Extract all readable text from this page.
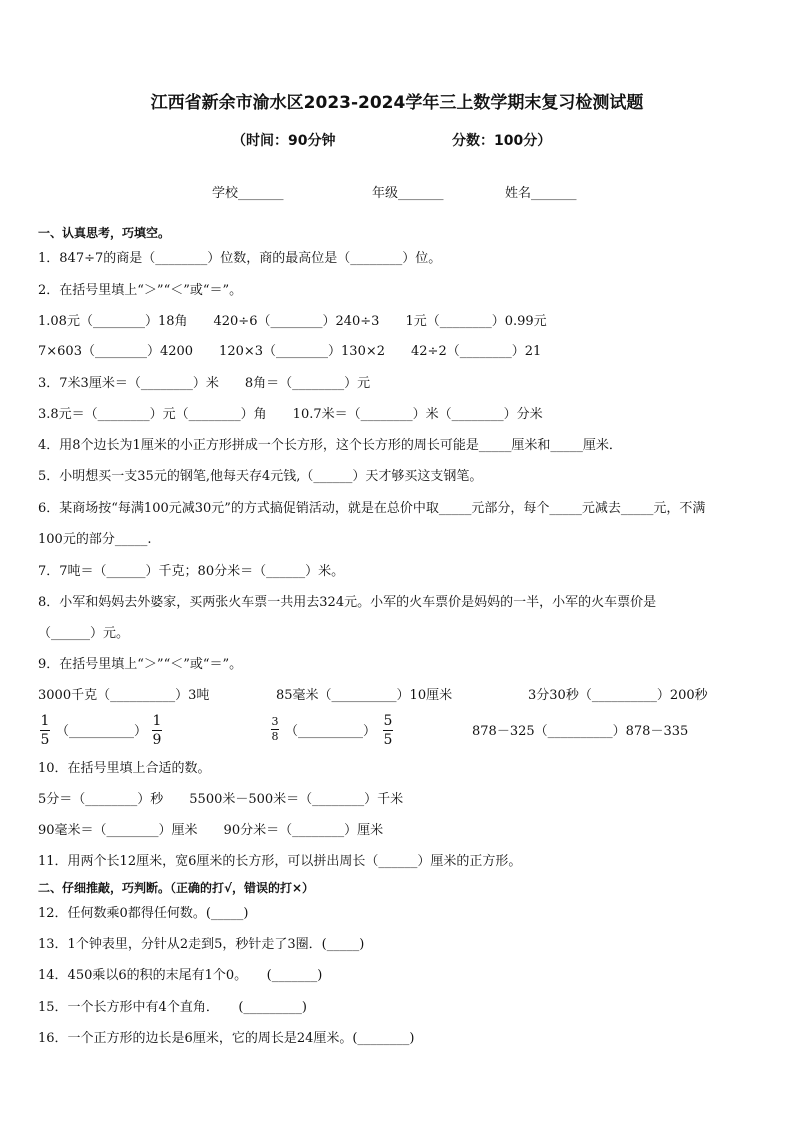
江西省新余市渝水区2023-2024学年三上数学期末复习检测试题
（时间：90分钟	分数：100分）
学校_______	年级_______	姓名_______
一、认真思考，巧填空。
1．847÷7的商是（________）位数，商的最高位是（________）位。
2．在括号里填上“＞”“＜”或“＝”。
1.08元（________）18角　　420÷6（________）240÷3　　1元（________）0.99元
7×603（________）4200　　120×3（________）130×2　　42÷2（________）21
3．7米3厘米＝（________）米　　8角＝（________）元
3.8元＝（________）元（________）角　　10.7米＝（________）米（________）分米
4．用8个边长为1厘米的小正方形拼成一个长方形，这个长方形的周长可能是_____厘米和_____厘米．
5．小明想买一支35元的钢笔,他每天存4元钱,（______）天才够买这支钢笔。
6．某商场按“每满100元减30元”的方式搞促销活动，就是在总价中取_____元部分，每个_____元减去_____元，不满
100元的部分_____.
7．7吨＝（______）千克；80分米＝（______）米。
8．小军和妈妈去外婆家，买两张火车票一共用去324元。小军的火车票价是妈妈的一半，小军的火车票价是
（______）元。
9．在括号里填上“＞”“＜”或“＝”。
3000千克（__________）3吨	85毫米（__________）10厘米	3分30秒（__________）200秒
1
5
（__________）
1
9
3
8 （__________）
5
5
878－325（__________）878－335
10．在括号里填上合适的数。
5分＝（________）秒　　5500米－500米＝（________）千米
90毫米＝（________）厘米　　90分米＝（________）厘米
11．用两个长12厘米，宽6厘米的长方形，可以拼出周长（______）厘米的正方形。
二、仔细推敲，巧判断。（正确的打√，错误的打×）
12．任何数乘0都得任何数。(_____)
13．1个钟表里，分针从2走到5，秒针走了3圈．(_____)
14．450乘以6的积的末尾有1个0。　　(_______)
15．一个长方形中有4个直角．　　(_________)
16．一个正方形的边长是6厘米，它的周长是24厘米。(________)
